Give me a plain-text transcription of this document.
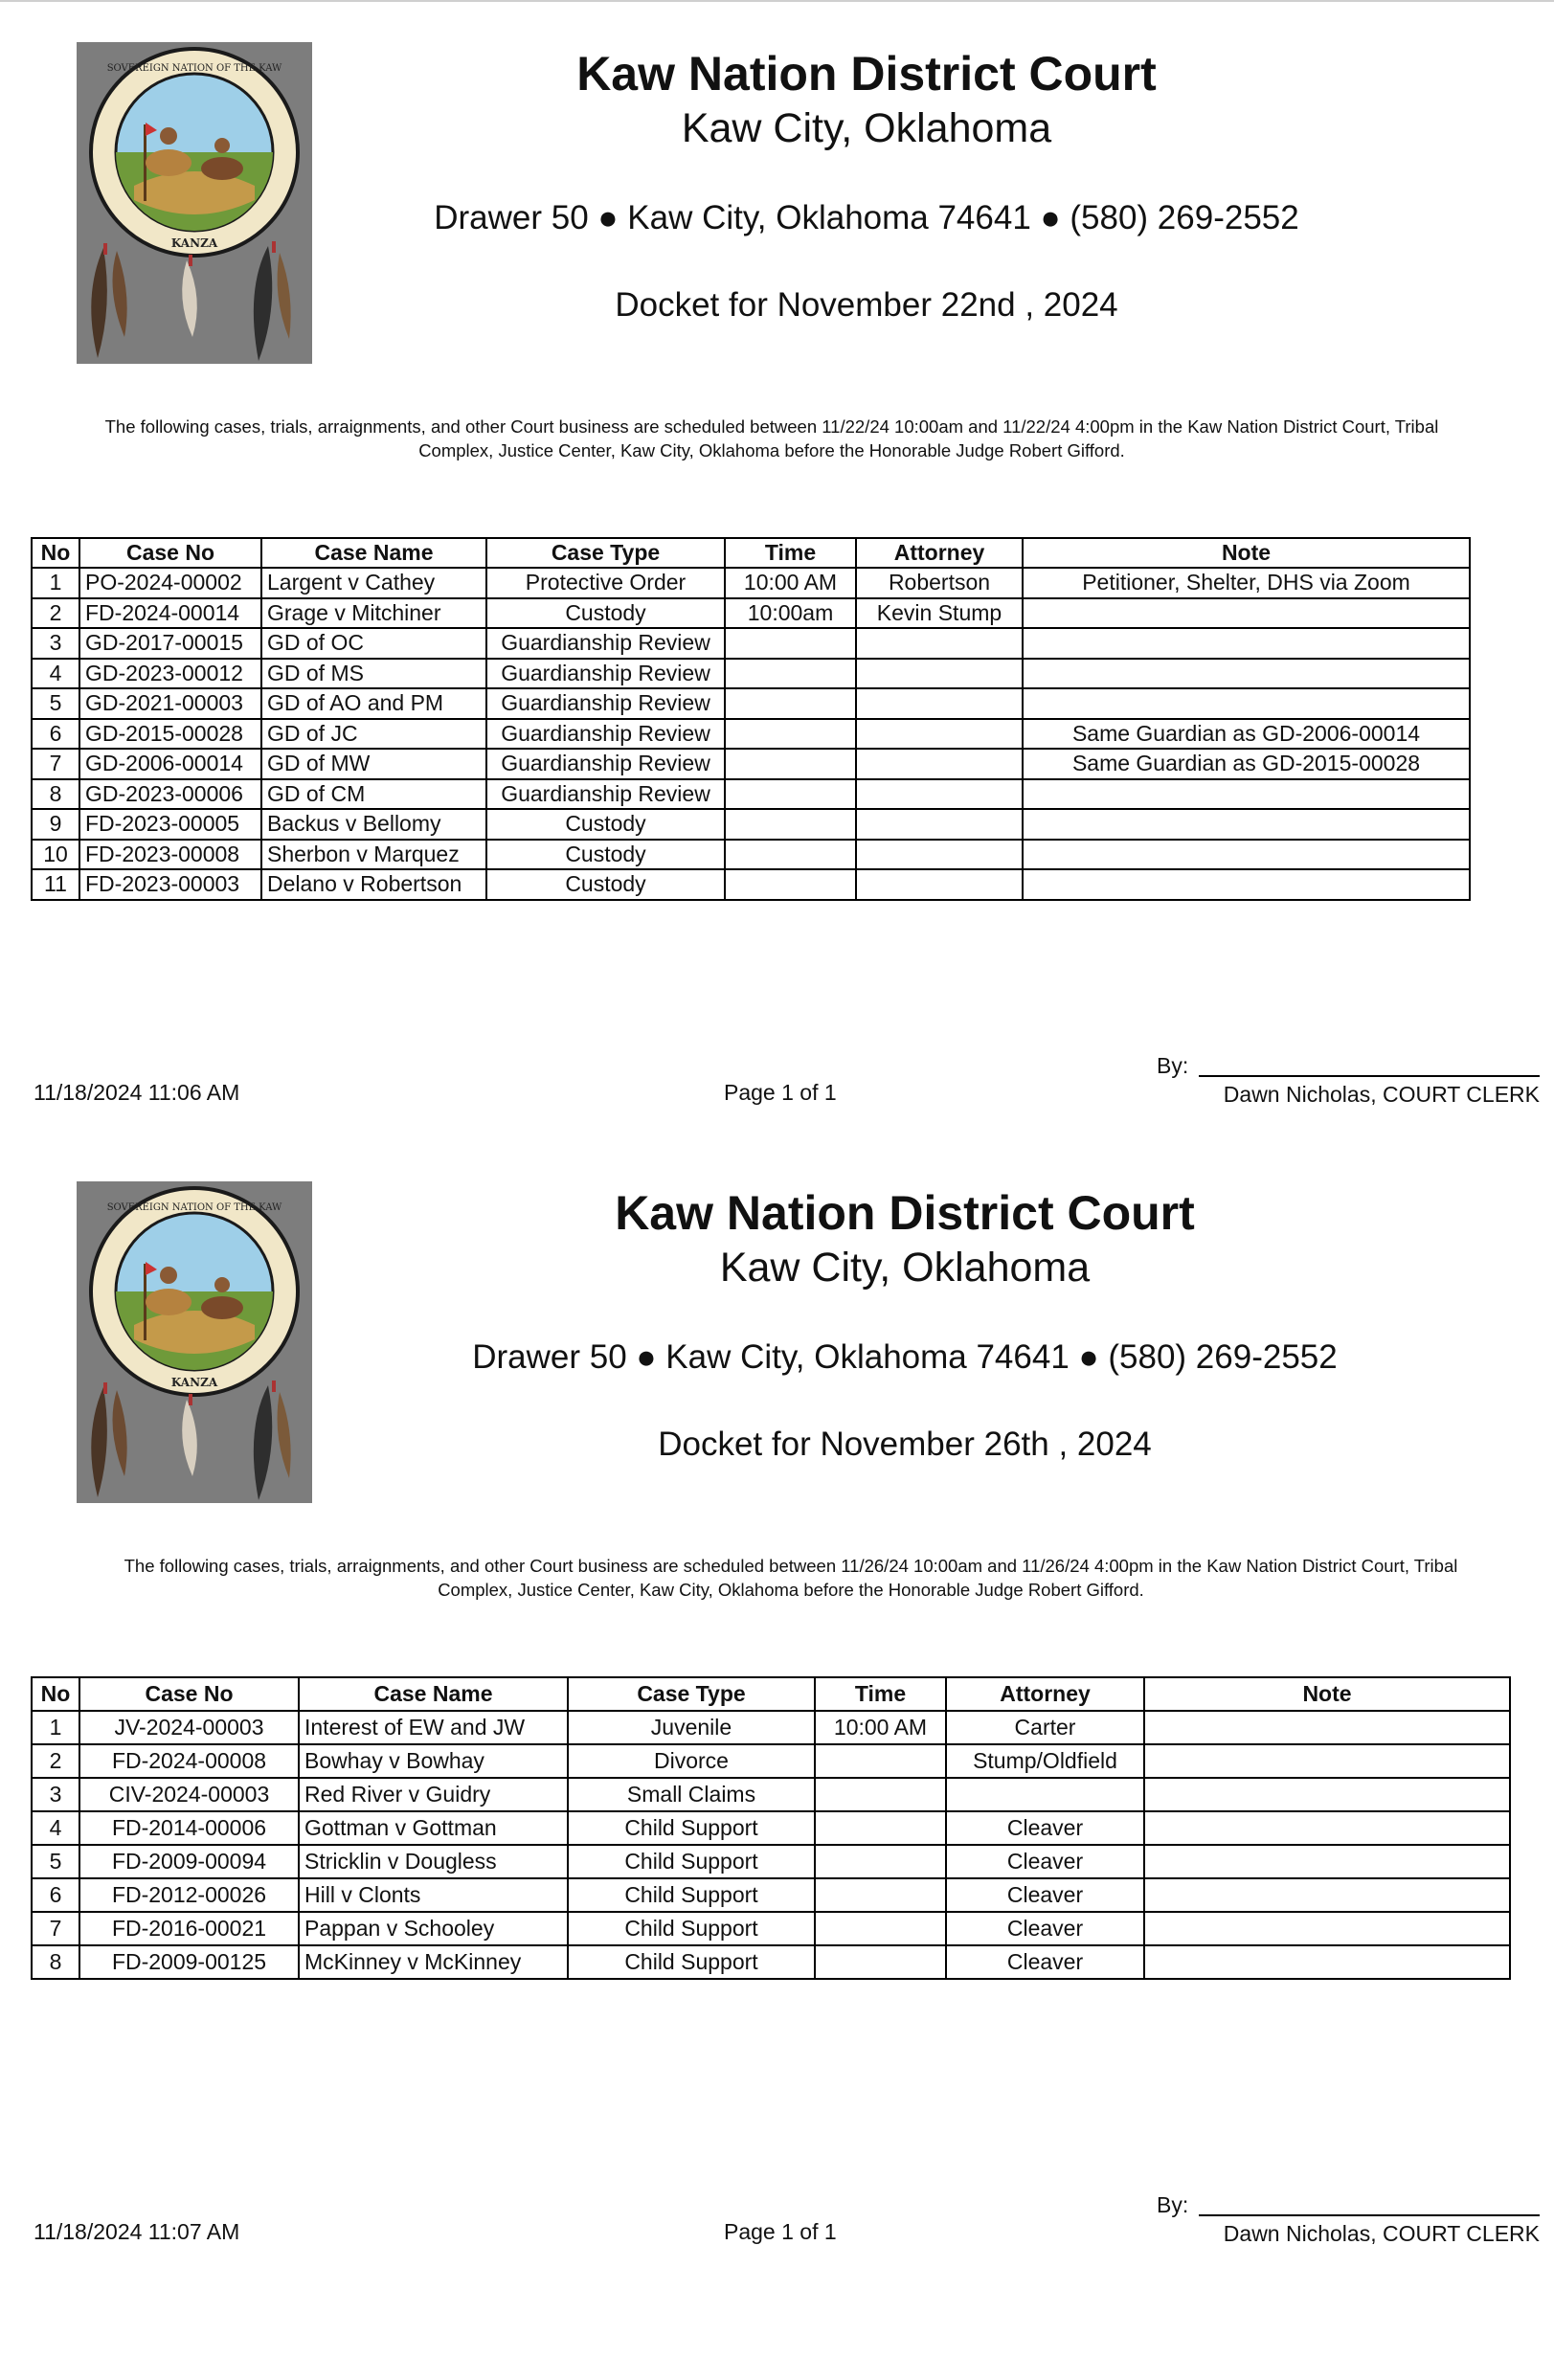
SOVEREIGN NATION OF THE KAW
KANZA
Kaw Nation District Court
Kaw City, Oklahoma
Drawer 50 ● Kaw City, Oklahoma 74641 ● (580) 269-2552
Docket for November 22nd , 2024
The following cases, trials, arraignments, and other Court business are scheduled between 11/22/24 10:00am and 11/22/24 4:00pm in the Kaw Nation District Court, Tribal Complex, Justice Center, Kaw City, Oklahoma before the Honorable Judge Robert Gifford.
No	Case No	Case Name	Case Type	Time	Attorney	Note
1	PO-2024-00002	Largent v Cathey	Protective Order	10:00 AM	Robertson	Petitioner, Shelter, DHS via Zoom
2	FD-2024-00014	Grage v Mitchiner	Custody	10:00am	Kevin Stump	
3	GD-2017-00015	GD of OC	Guardianship Review			
4	GD-2023-00012	GD of MS	Guardianship Review			
5	GD-2021-00003	GD of AO and PM	Guardianship Review			
6	GD-2015-00028	GD of JC	Guardianship Review			Same Guardian as GD-2006-00014
7	GD-2006-00014	GD of MW	Guardianship Review			Same Guardian as GD-2015-00028
8	GD-2023-00006	GD of CM	Guardianship Review			
9	FD-2023-00005	Backus v Bellomy	Custody			
10	FD-2023-00008	Sherbon v Marquez	Custody			
11	FD-2023-00003	Delano v Robertson	Custody			
11/18/2024 11:06 AM	Page 1 of 1
By:
Dawn Nicholas, COURT CLERK
SOVEREIGN NATION OF THE KAW
KANZA
Kaw Nation District Court
Kaw City, Oklahoma
Drawer 50 ● Kaw City, Oklahoma 74641 ● (580) 269-2552
Docket for November 26th , 2024
The following cases, trials, arraignments, and other Court business are scheduled between 11/26/24 10:00am and 11/26/24 4:00pm in the Kaw Nation District Court, Tribal Complex, Justice Center, Kaw City, Oklahoma before the Honorable Judge Robert Gifford.
No	Case No	Case Name	Case Type	Time	Attorney	Note
1	JV-2024-00003	Interest of EW and JW	Juvenile	10:00 AM	Carter	
2	FD-2024-00008	Bowhay v Bowhay	Divorce		Stump/Oldfield	
3	CIV-2024-00003	Red River v Guidry	Small Claims			
4	FD-2014-00006	Gottman v Gottman	Child Support		Cleaver	
5	FD-2009-00094	Stricklin v Dougless	Child Support		Cleaver	
6	FD-2012-00026	Hill v Clonts	Child Support		Cleaver	
7	FD-2016-00021	Pappan v Schooley	Child Support		Cleaver	
8	FD-2009-00125	McKinney v McKinney	Child Support		Cleaver	
11/18/2024 11:07 AM	Page 1 of 1
By:
Dawn Nicholas, COURT CLERK
